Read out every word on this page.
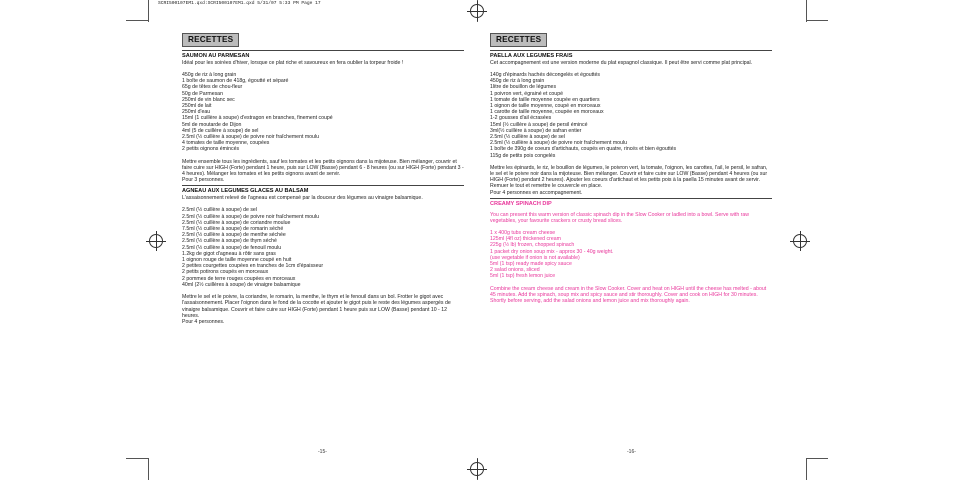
SCRI500107EM1.qxd:SCRI500107EM1.qxd 5/31/07 5:33 PM Page 17
RECETTES
SAUMON AU PARMESAN

Idéal pour les soirées d'hiver, lorsque ce plat riche et savoureux en fera oublier la torpeur froide !

450g de riz à long grain
1 boîte de saumon de 418g, égoutté et séparé
65g de têtes de chou-fleur
50g de Parmesan
250ml de vin blanc sec
250ml de lait
250ml d'eau
15ml (1 cuillère à soupe) d'estragon en branches, finement coupé
5ml de moutarde de Dijon
4ml (5 de cuillère à soupe) de sel
2.5ml (½ cuillère à soupe) de poivre noir fraîchement moulu
4 tomates de taille moyenne, coupées
2 petits oignons émincés

Mettre ensemble tous les ingrédients, sauf les tomates et les petits oignons dans la mijoteuse. Bien mélanger, couvrir et faire cuire sur HIGH (Forte) pendant 1 heure, puis sur LOW (Basse) pendant 6 - 8 heures (ou sur HIGH (Forte) pendant 3 - 4 heures). Mélanger les tomates et les petits oignons avant de servir.
Pour 3 personnes.

AGNEAU AUX LEGUMES GLACES AU BALSAM

L'assaisonnement relevé de l'agneau est compensé par la douceur des légumes au vinaigre balsamique.

2.5ml (½ cuillère à soupe) de sel
2.5ml (½ cuillère à soupe) de poivre noir fraîchement moulu
2.5ml (½ cuillère à soupe) de coriandre moulue
7.5ml (½ cuillère à soupe) de romarin séché
2.5ml (½ cuillère à soupe) de menthe séchée
2.5ml (½ cuillère à soupe) de thym séché
2.5ml (½ cuillère à soupe) de fenouil moulu
1.2kg de gigot d'agneau à rôtir sans gras
1 oignon rouge de taille moyenne coupé en huit
2 petites courgettes coupées en tranches de 1cm d'épaisseur
2 petits potirons coupés en morceaux
2 pommes de terre rouges coupées en morceaux
40ml (2½ cuillères à soupe) de vinaigre balsamique

Mettre le sel et le poivre, la coriandre, le romarin, la menthe, le thym et le fenouil dans un bol. Frotter le gigot avec l'assaisonnement. Placer l'oignon dans le fond de la cocotte et ajouter le gigot puis le reste des légumes aspergés de vinaigre balsamique. Couvrir et faire cuire sur HIGH (Forte) pendant 1 heure puis sur LOW (Basse) pendant 10 - 12 heures.
Pour 4 personnes.

-15-
RECETTES
PAELLA AUX LEGUMES FRAIS

Cet accompagnement est une version moderne du plat espagnol classique. Il peut être servi comme plat principal.

140g d'épinards hachés décongelés et égouttés
450g de riz à long grain
1litre de bouillon de légumes
1 poivron vert, égrainé et coupé
1 tomate de taille moyenne coupée en quartiers
1 oignon de taille moyenne, coupé en morceaux
1 carotte de taille moyenne, coupée en morceaux
1-2 gousses d'ail écrasées
15ml (½ cuillère à soupe) de persil émincé
3ml(½ cuillère à soupe) de safran entier
2.5ml (½ cuillère à soupe) de sel
2.5ml (½ cuillère à soupe) de poivre noir fraîchement moulu
1 boîte de 390g de coeurs d'artichauts, coupés en quatre, rincés et bien égouttés
115g de petits pois congelés

Mettre les épinards, le riz, le bouillon de légumes, le poivron vert, la tomate, l'oignon, les carottes, l'ail, le persil, le safran, le sel et le poivre noir dans la mijoteuse. Bien mélanger. Couvrir et faire cuire sur LOW (Basse) pendant 4 heures (ou sur HIGH (Forte) pendant 2 heures). Ajouter les coeurs d'artichaut et les petits pois à la paella 15 minutes avant de servir. Remuer le tout et remettre le couvercle en place.
Pour 4 personnes en accompagnement.

CREAMY SPINACH DIP

You can present this warm version of classic spinach dip in the Slow Cooker or ladled into a bowl. Serve with raw vegetables, your favourite crackers or crusty bread slices.

1 x 400g tubs cream cheese
125ml (4fl oz) thickened cream
225g (½ lb) frozen, chopped spinach
1 packet dry onion soup mix - approx 30 - 40g weight.
(use vegetable if onion is not available)
5ml (1 tsp) ready made spicy sauce
2 salad onions, sliced
5ml (1 tsp) fresh lemon juice

Combine the cream cheese and cream in the Slow Cooker. Cover and heat on HIGH until the cheese has melted - about 45 minutes. Add the spinach, soup mix and spicy sauce and stir thoroughly. Cover and cook on HIGH for 30 minutes. Shortly before serving, add the salad onions and lemon juice and mix thoroughly again.

-16-
